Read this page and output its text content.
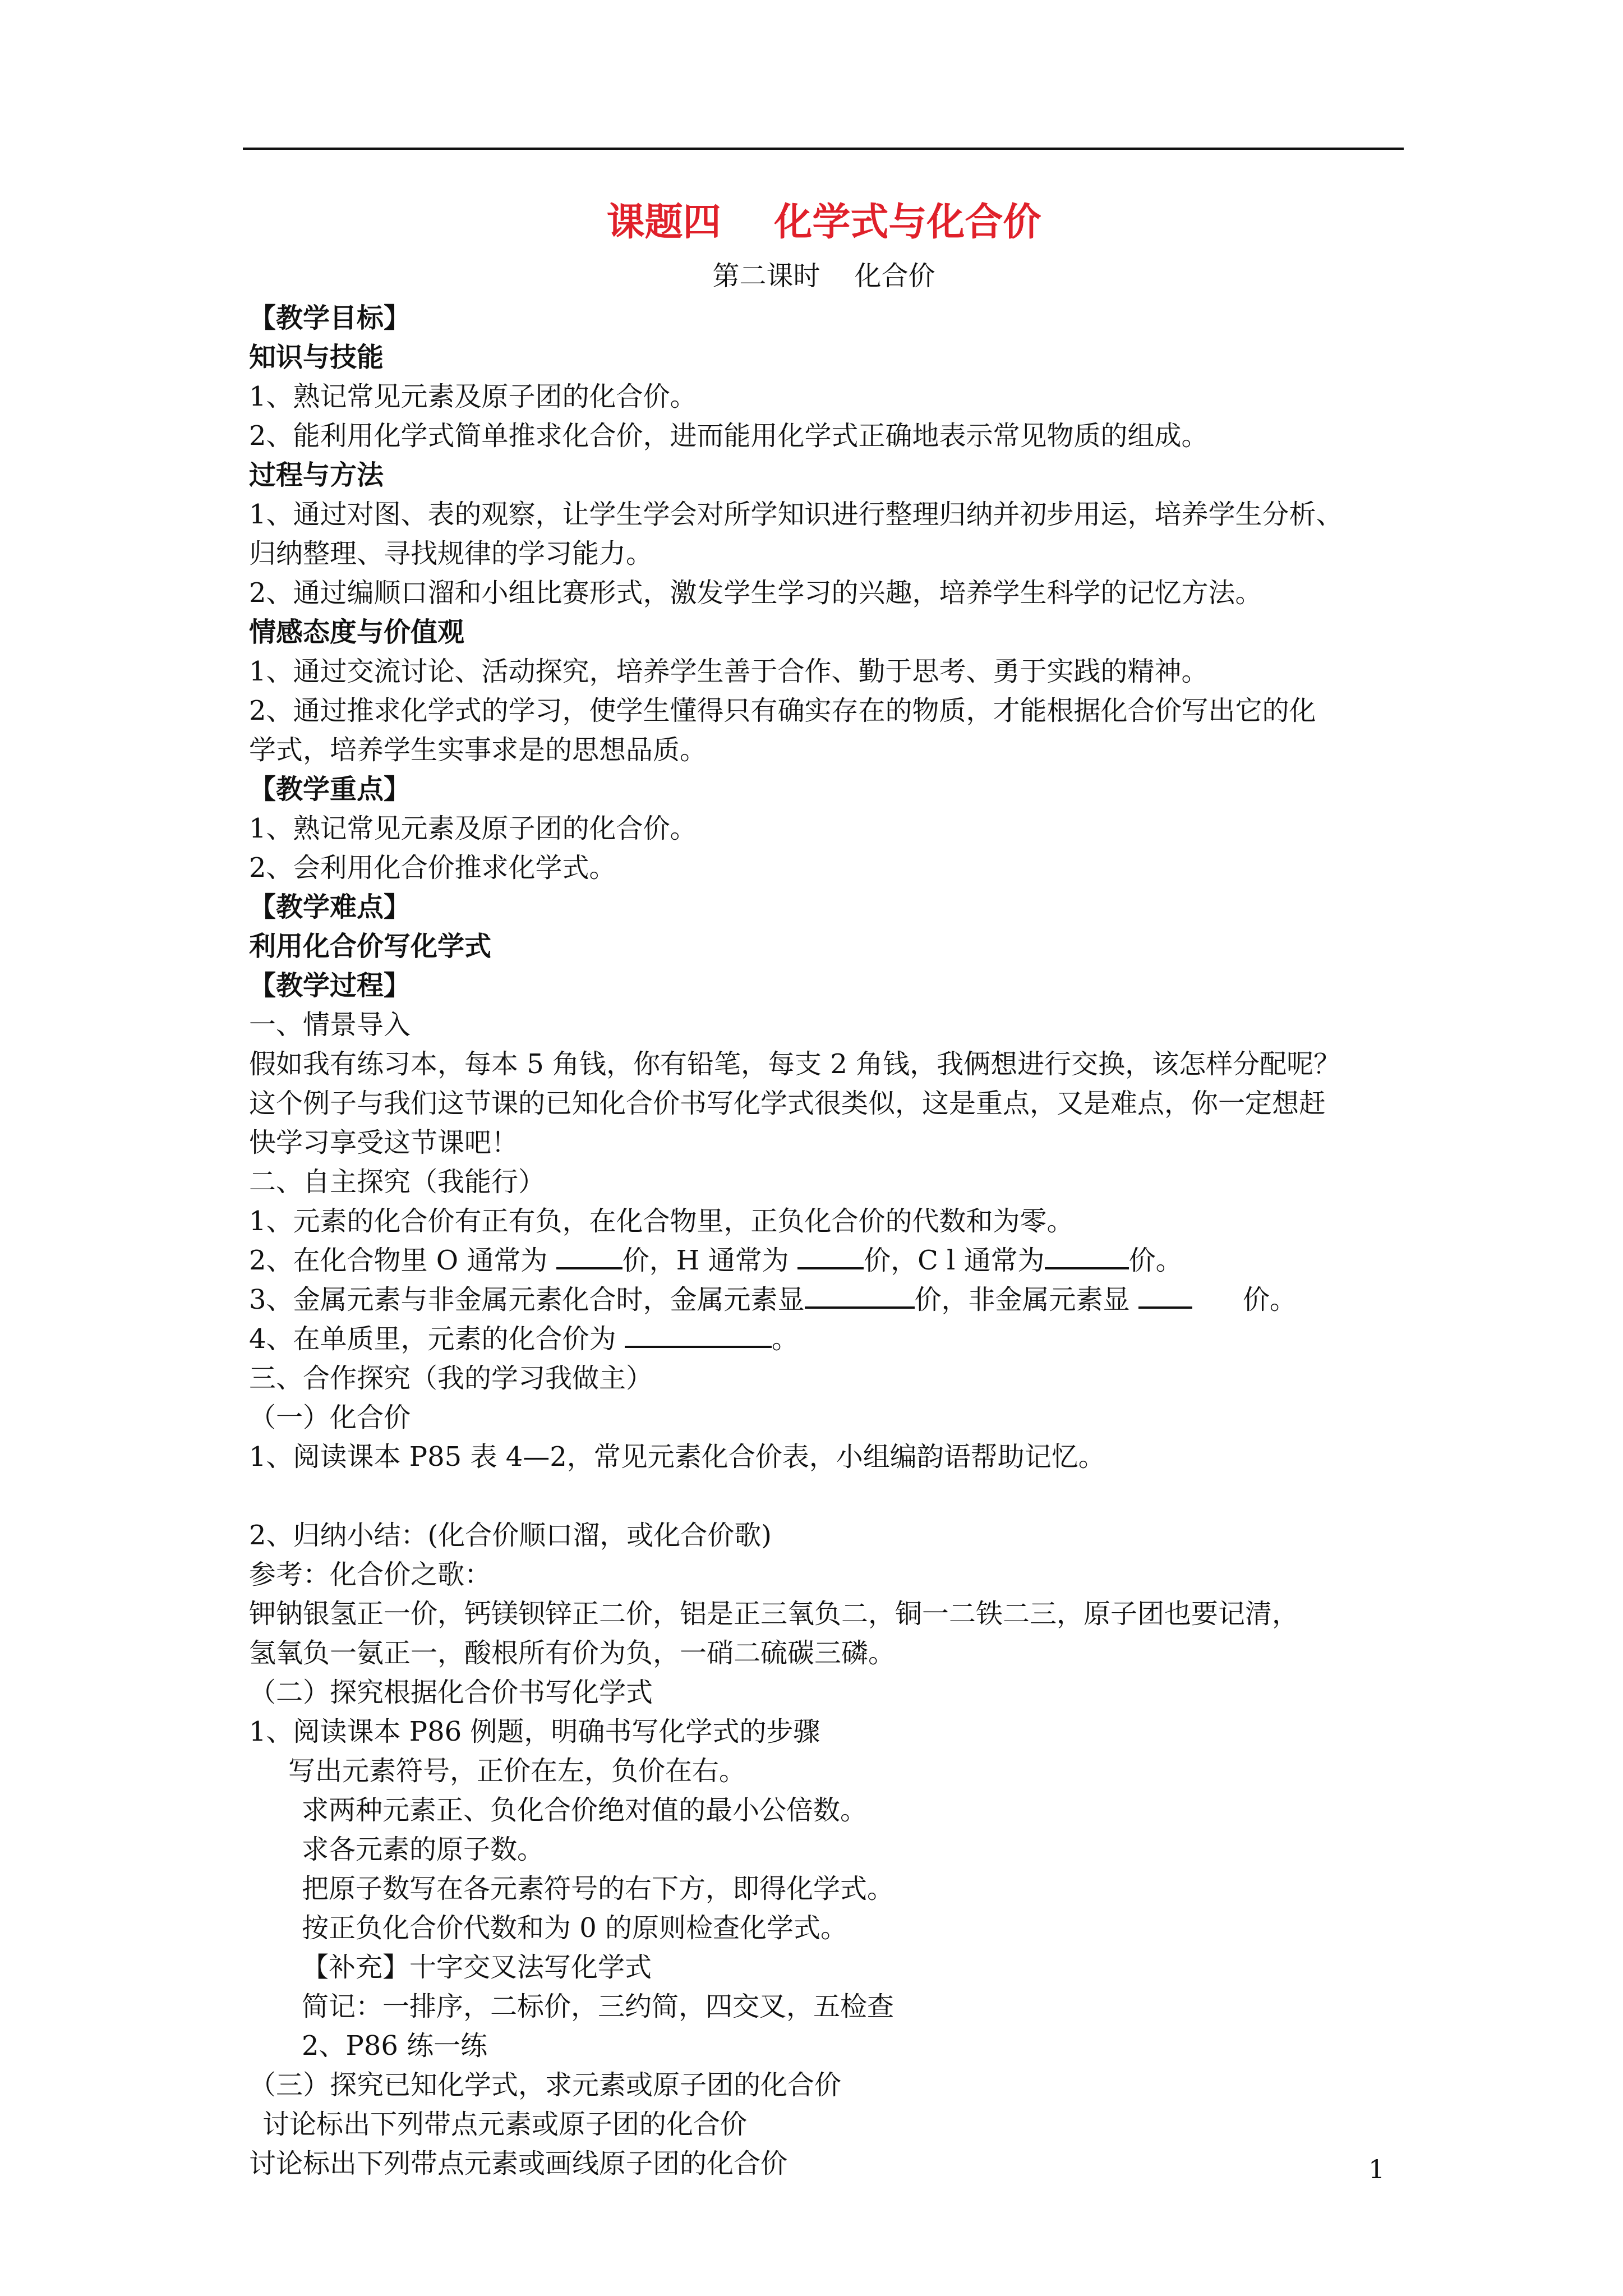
课题四    化学式与化合价
第二课时    化合价
【教学目标】
知识与技能
1、熟记常见元素及原子团的化合价。
2、能利用化学式简单推求化合价，进而能用化学式正确地表示常见物质的组成。
过程与方法
1、通过对图、表的观察，让学生学会对所学知识进行整理归纳并初步用运，培养学生分析、
归纳整理、寻找规律的学习能力。
2、通过编顺口溜和小组比赛形式，激发学生学习的兴趣，培养学生科学的记忆方法。
情感态度与价值观
1、通过交流讨论、活动探究，培养学生善于合作、勤于思考、勇于实践的精神。
2、通过推求化学式的学习，使学生懂得只有确实存在的物质，才能根据化合价写出它的化
学式，培养学生实事求是的思想品质。
【教学重点】
1、熟记常见元素及原子团的化合价。
2、会利用化合价推求化学式。
【教学难点】
利用化合价写化学式
【教学过程】
一、情景导入
假如我有练习本，每本 5 角钱，你有铅笔，每支 2 角钱，我俩想进行交换，该怎样分配呢？
这个例子与我们这节课的已知化合价书写化学式很类似，这是重点，又是难点，你一定想赶
快学习享受这节课吧！
二、自主探究（我能行）
1、元素的化合价有正有负，在化合物里，正负化合价的代数和为零。
2、在化合物里 O 通常为 价，H 通常为 价，C l 通常为	价。
3、金属元素与非金属元素化合时，金属元素显	价，非金属元素显	价。
4、在单质里，元素的化合价为	。
三、合作探究（我的学习我做主）
（一）化合价
1、阅读课本 P85 表 4—2，常见元素化合价表，小组编韵语帮助记忆。
2、归纳小结：(化合价顺口溜，或化合价歌)
参考：化合价之歌：
钾钠银氢正一价，钙镁钡锌正二价，铝是正三氧负二，铜一二铁二三，原子团也要记清，
氢氧负一氨正一，酸根所有价为负，一硝二硫碳三磷。
（二）探究根据化合价书写化学式
1、阅读课本 P86 例题，明确书写化学式的步骤
写出元素符号，正价在左，负价在右。
求两种元素正、负化合价绝对值的最小公倍数。
求各元素的原子数。
把原子数写在各元素符号的右下方，即得化学式。
按正负化合价代数和为 0 的原则检查化学式。
【补充】十字交叉法写化学式
简记：一排序，二标价，三约简，四交叉，五检查
2、P86 练一练
（三）探究已知化学式，求元素或原子团的化合价
讨论标出下列带点元素或原子团的化合价
讨论标出下列带点元素或画线原子团的化合价	1
